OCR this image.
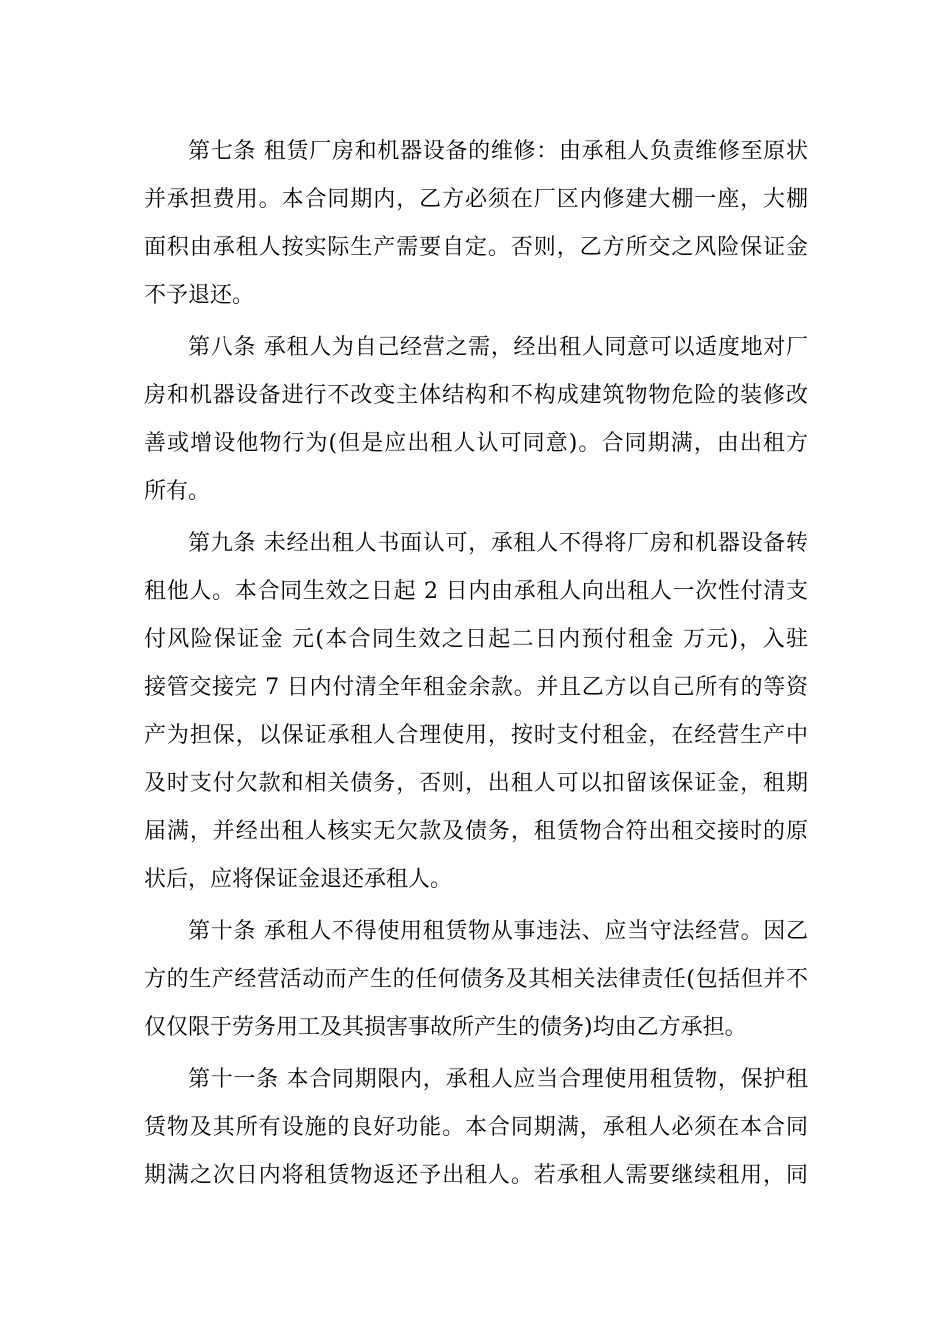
第七条 租赁厂房和机器设备的维修：由承租人负责维修至原状
并承担费用。本合同期内，乙方必须在厂区内修建大棚一座，大棚
面积由承租人按实际生产需要自定。否则，乙方所交之风险保证金
不予退还。
第八条 承租人为自己经营之需，经出租人同意可以适度地对厂
房和机器设备进行不改变主体结构和不构成建筑物物危险的装修改
善或增设他物行为(但是应出租人认可同意)。合同期满，由出租方
所有。
第九条 未经出租人书面认可，承租人不得将厂房和机器设备转
租他人。本合同生效之日起 2 日内由承租人向出租人一次性付清支
付风险保证金 元(本合同生效之日起二日内预付租金 万元)，入驻
接管交接完 7 日内付清全年租金余款。并且乙方以自己所有的等资
产为担保，以保证承租人合理使用，按时支付租金，在经营生产中
及时支付欠款和相关债务，否则，出租人可以扣留该保证金，租期
届满，并经出租人核实无欠款及债务，租赁物合符出租交接时的原
状后，应将保证金退还承租人。
第十条 承租人不得使用租赁物从事违法、应当守法经营。因乙
方的生产经营活动而产生的任何债务及其相关法律责任(包括但并不
仅仅限于劳务用工及其损害事故所产生的债务)均由乙方承担。
第十一条 本合同期限内，承租人应当合理使用租赁物，保护租
赁物及其所有设施的良好功能。本合同期满，承租人必须在本合同
期满之次日内将租赁物返还予出租人。若承租人需要继续租用，同
